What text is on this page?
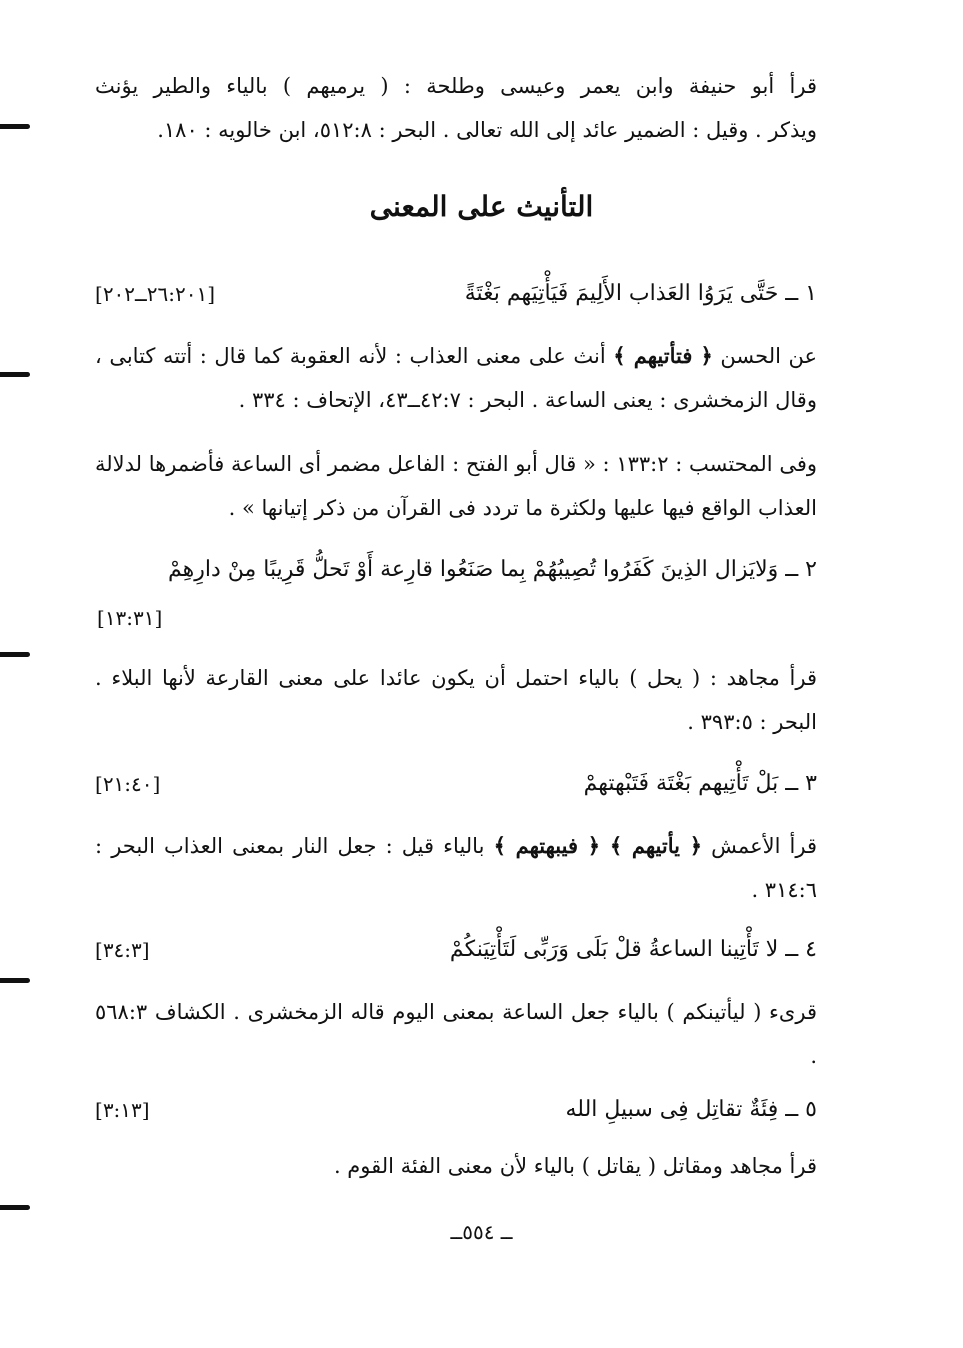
قرأ أبو حنيفة وابن يعمر وعيسى وطلحة : ( يرميهم ) بالياء والطير يؤنث

ويذكر . وقيل : الضمير عائد إلى الله تعالى . البحر : ٥١٢:٨، ابن خالويه : ١٨٠.

التأنيث على المعنى
١ ــ حَتَّى يَرَوُا العَذاب الأَلِيمَ فَيَأْتِيَهم بَغْتَةً
[٢٦:٢٠١ــ٢٠٢]

عن الحسن ﴿ فتأتيهم ﴾ أنث على معنى العذاب : لأنه العقوبة كما قال : أتته كتابى ، وقال الزمخشرى : يعنى الساعة . البحر : ٤٢:٧ــ٤٣، الإتحاف : ٣٣٤ .

وفى المحتسب : ١٣٣:٢ : « قال أبو الفتح : الفاعل مضمر أى الساعة فأضمرها لدلالة العذاب الواقع فيها عليها ولكثرة ما تردد فى القرآن من ذكر إتيانها » .

٢ ــ وَلايَزال الذِينَ كَفَرُوا تُصِيبُهُمْ بِما صَنَعُوا قارِعة أَوْ تَحلُّ قَرِيبًا مِنْ دارِهِمْ
[١٣:٣١]

قرأ مجاهد : ( يحل ) بالياء احتمل أن يكون عائدا على معنى القارعة لأنها البلاء . البحر : ٣٩٣:٥ .

٣ ــ بَلْ تَأْتِيهم بَغْتَة فَتَبْهتهمْ
[٢١:٤٠]

قرأ الأعمش ﴿ يأتيهم ﴾ ﴿ فيبهتهم ﴾ بالياء قيل : جعل النار بمعنى العذاب البحر : ٣١٤:٦ .

٤ ــ لا تَأْتِينا الساعةُ قلْ بَلَى وَرَبِّى لَتَأْتِيَنكُمْ
[٣٤:٣]

قرىء ( ليأتينكم ) بالياء جعل الساعة بمعنى اليوم قاله الزمخشرى . الكشاف ٥٦٨:٣ .

٥ ــ فِئَةٌ تقاتِل فِى سبيلِ الله
[٣:١٣]

قرأ مجاهد ومقاتل ( يقاتل ) بالياء لأن معنى الفئة القوم .

ــ ٥٥٤ــ
